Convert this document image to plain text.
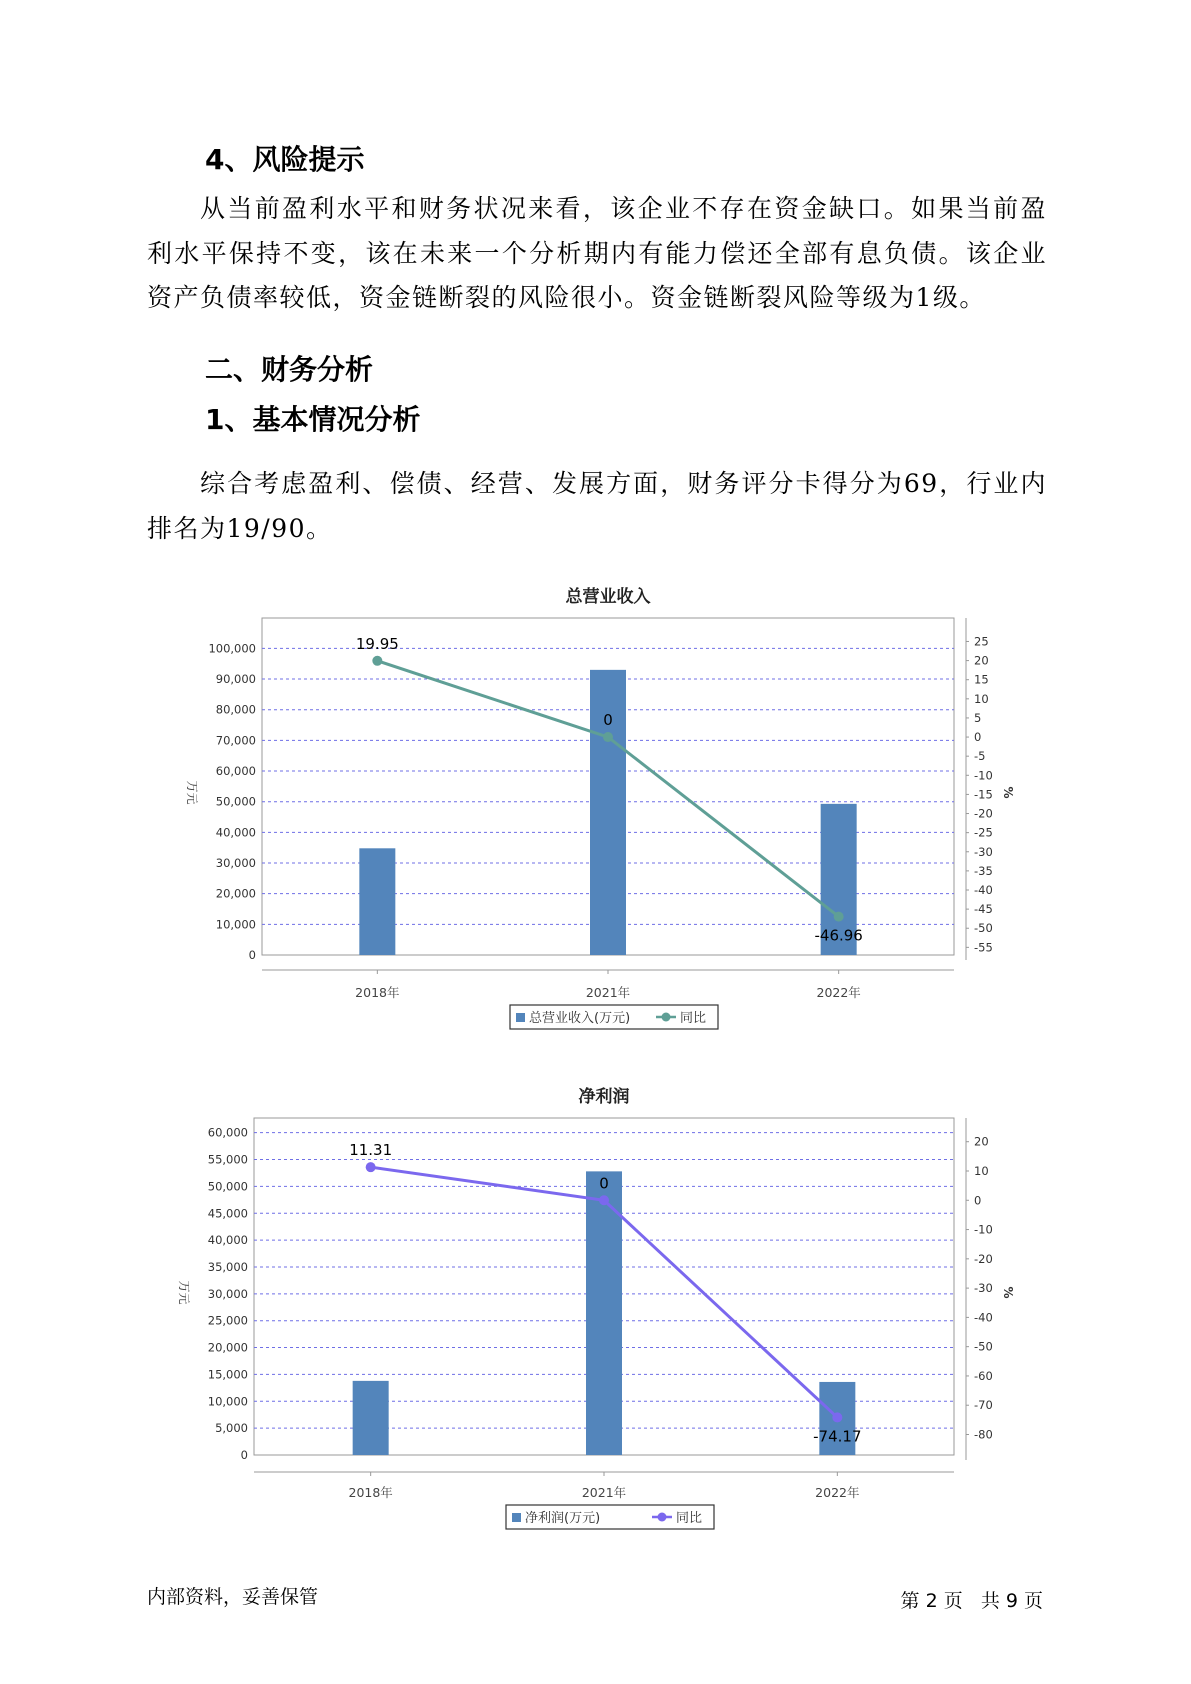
4、风险提示
从当前盈利水平和财务状况来看，该企业不存在资金缺口。如果当前盈利水平保持不变，该在未来一个分析期内有能力偿还全部有息负债。该企业资产负债率较低，资金链断裂的风险很小。资金链断裂风险等级为1级。
二、财务分析
1、基本情况分析
综合考虑盈利、偿债、经营、发展方面，财务评分卡得分为69，行业内排名为19/90。
总营业收入
0
10,000
20,000
30,000
40,000
50,000
60,000
70,000
80,000
90,000
100,000
-55
-50
-45
-40
-35
-30
-25
-20
-15
-10
-5
0
5
10
15
20
25
万元	%
2018年	2021年	2022年
19.95
0
-46.96
总营业收入(万元)	同比
净利润
0
5,000
10,000
15,000
20,000
25,000
30,000
35,000
40,000
45,000
50,000
55,000
60,000
-80
-70
-60
-50
-40
-30
-20
-10
0
10
20
万元	%
2018年	2021年	2022年
11.31
0
-74.17
净利润(万元)	同比
内部资料，妥善保管	第 2 页   共 9 页
